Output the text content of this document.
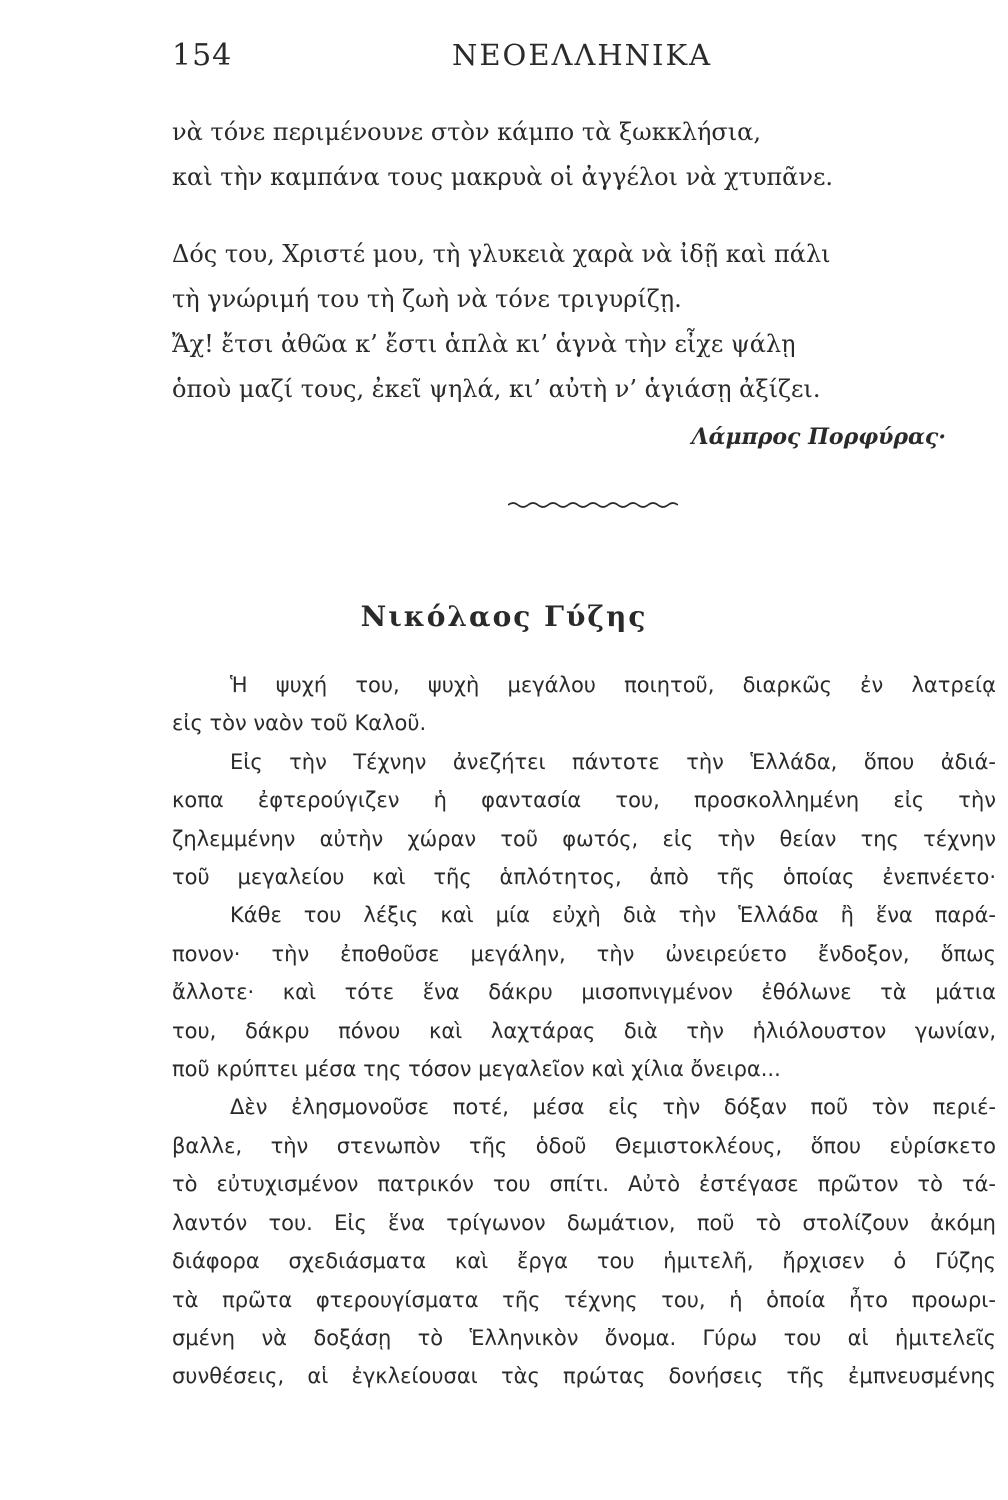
154	ΝΕΟΕΛΛΗΝΙΚΑ
νὰ τόνε περιμένουνε στὸν κάμπο τὰ ξωκκλήσια,
καὶ τὴν καμπάνα τους μακρυὰ οἱ ἀγγέλοι νὰ χτυπᾶνε.
Δός του, Χριστέ μου, τὴ γλυκειὰ χαρὰ νὰ ἰδῇ καὶ πάλι
τὴ γνώριμή του τὴ ζωὴ νὰ τόνε τριγυρίζῃ.
Ἄχ! ἔτσι ἀθῶα κ’ ἔστι ἁπλὰ κι’ ἁγνὰ τὴν εἶχε ψάλῃ
ὁποὺ μαζί τους, ἐκεῖ ψηλά, κι’ αὐτὴ ν’ ἁγιάσῃ ἀξίζει.
Λάμπρος Πορφύρας·
Νικόλαος Γύζης
Ἡ ψυχή του, ψυχὴ μεγάλου ποιητοῦ, διαρκῶς ἐν λατρείᾳ
εἰς τὸν ναὸν τοῦ Καλοῦ.
Εἰς τὴν Τέχνην ἀνεζήτει πάντοτε τὴν Ἑλλάδα, ὅπου ἀδιά-
κοπα ἐφτερούγιζεν ἡ φαντασία του, προσκολλημένη εἰς τὴν
ζηλεμμένην αὐτὴν χώραν τοῦ φωτός, εἰς τὴν θείαν της τέχνην
τοῦ μεγαλείου καὶ τῆς ἁπλότητος, ἀπὸ τῆς ὁποίας ἐνεπνέετο·
Κάθε του λέξις καὶ μία εὐχὴ διὰ τὴν Ἑλλάδα ἢ ἕνα παρά-
πονον· τὴν ἐποθοῦσε μεγάλην, τὴν ὠνειρεύετο ἔνδοξον, ὅπως
ἄλλοτε· καὶ τότε ἕνα δάκρυ μισοπνιγμένον ἐθόλωνε τὰ μάτια
του, δάκρυ πόνου καὶ λαχτάρας διὰ τὴν ἡλιόλουστον γωνίαν,
ποῦ κρύπτει μέσα της τόσον μεγαλεῖον καὶ χίλια ὄνειρα...
Δὲν ἐλησμονοῦσε ποτέ, μέσα εἰς τὴν δόξαν ποῦ τὸν περιέ-
βαλλε, τὴν στενωπὸν τῆς ὁδοῦ Θεμιστοκλέους, ὅπου εὑρίσκετο
τὸ εὐτυχισμένον πατρικόν του σπίτι. Αὐτὸ ἐστέγασε πρῶτον τὸ τά-
λαντόν του. Εἰς ἕνα τρίγωνον δωμάτιον, ποῦ τὸ στολίζουν ἀκόμη
διάφορα σχεδιάσματα καὶ ἔργα του ἡμιτελῆ, ἤρχισεν ὁ Γύζης
τὰ πρῶτα φτερουγίσματα τῆς τέχνης του, ἡ ὁποία ἦτο προωρι-
σμένη νὰ δοξάσῃ τὸ Ἑλληνικὸν ὄνομα. Γύρω του αἱ ἡμιτελεῖς
συνθέσεις, αἱ ἐγκλείουσαι τὰς πρώτας δονήσεις τῆς ἐμπνευσμένης
